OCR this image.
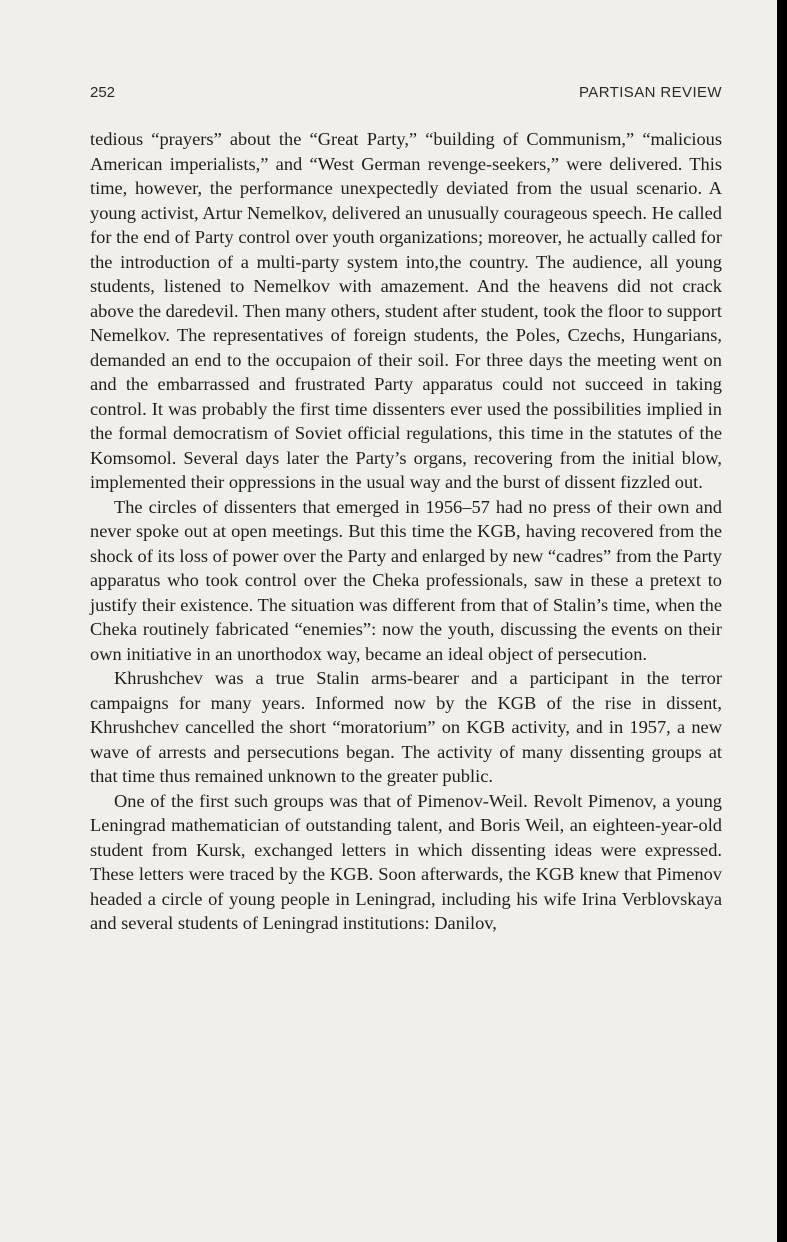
252	PARTISAN REVIEW

tedious “prayers” about the “Great Party,” “building of Communism,” “malicious American imperialists,” and “West German revenge-seekers,” were delivered. This time, however, the performance unexpectedly deviated from the usual scenario. A young activist, Artur Nemelkov, delivered an unusually courageous speech. He called for the end of Party control over youth organizations; moreover, he actually called for the introduction of a multi-party system into,the country. The audience, all young students, listened to Nemelkov with amazement. And the heavens did not crack above the daredevil. Then many others, student after student, took the floor to support Nemelkov. The representatives of foreign students, the Poles, Czechs, Hungarians, demanded an end to the occupaion of their soil. For three days the meeting went on and the embarrassed and frustrated Party apparatus could not succeed in taking control. It was probably the first time dissenters ever used the possibilities implied in the formal democratism of Soviet official regulations, this time in the statutes of the Komsomol. Several days later the Party’s organs, recovering from the initial blow, implemented their oppressions in the usual way and the burst of dissent fizzled out.

The circles of dissenters that emerged in 1956–57 had no press of their own and never spoke out at open meetings. But this time the KGB, having recovered from the shock of its loss of power over the Party and enlarged by new “cadres” from the Party apparatus who took control over the Cheka professionals, saw in these a pretext to justify their existence. The situation was different from that of Stalin’s time, when the Cheka routinely fabricated “enemies”: now the youth, discussing the events on their own initiative in an unorthodox way, became an ideal object of persecution.

Khrushchev was a true Stalin arms-bearer and a participant in the terror campaigns for many years. Informed now by the KGB of the rise in dissent, Khrushchev cancelled the short “moratorium” on KGB activity, and in 1957, a new wave of arrests and persecutions began. The activity of many dissenting groups at that time thus remained unknown to the greater public.

One of the first such groups was that of Pimenov-Weil. Revolt Pimenov, a young Leningrad mathematician of outstanding talent, and Boris Weil, an eighteen-year-old student from Kursk, exchanged letters in which dissenting ideas were expressed. These letters were traced by the KGB. Soon afterwards, the KGB knew that Pimenov headed a circle of young people in Leningrad, including his wife Irina Verblovskaya and several students of Leningrad institutions: Danilov,
